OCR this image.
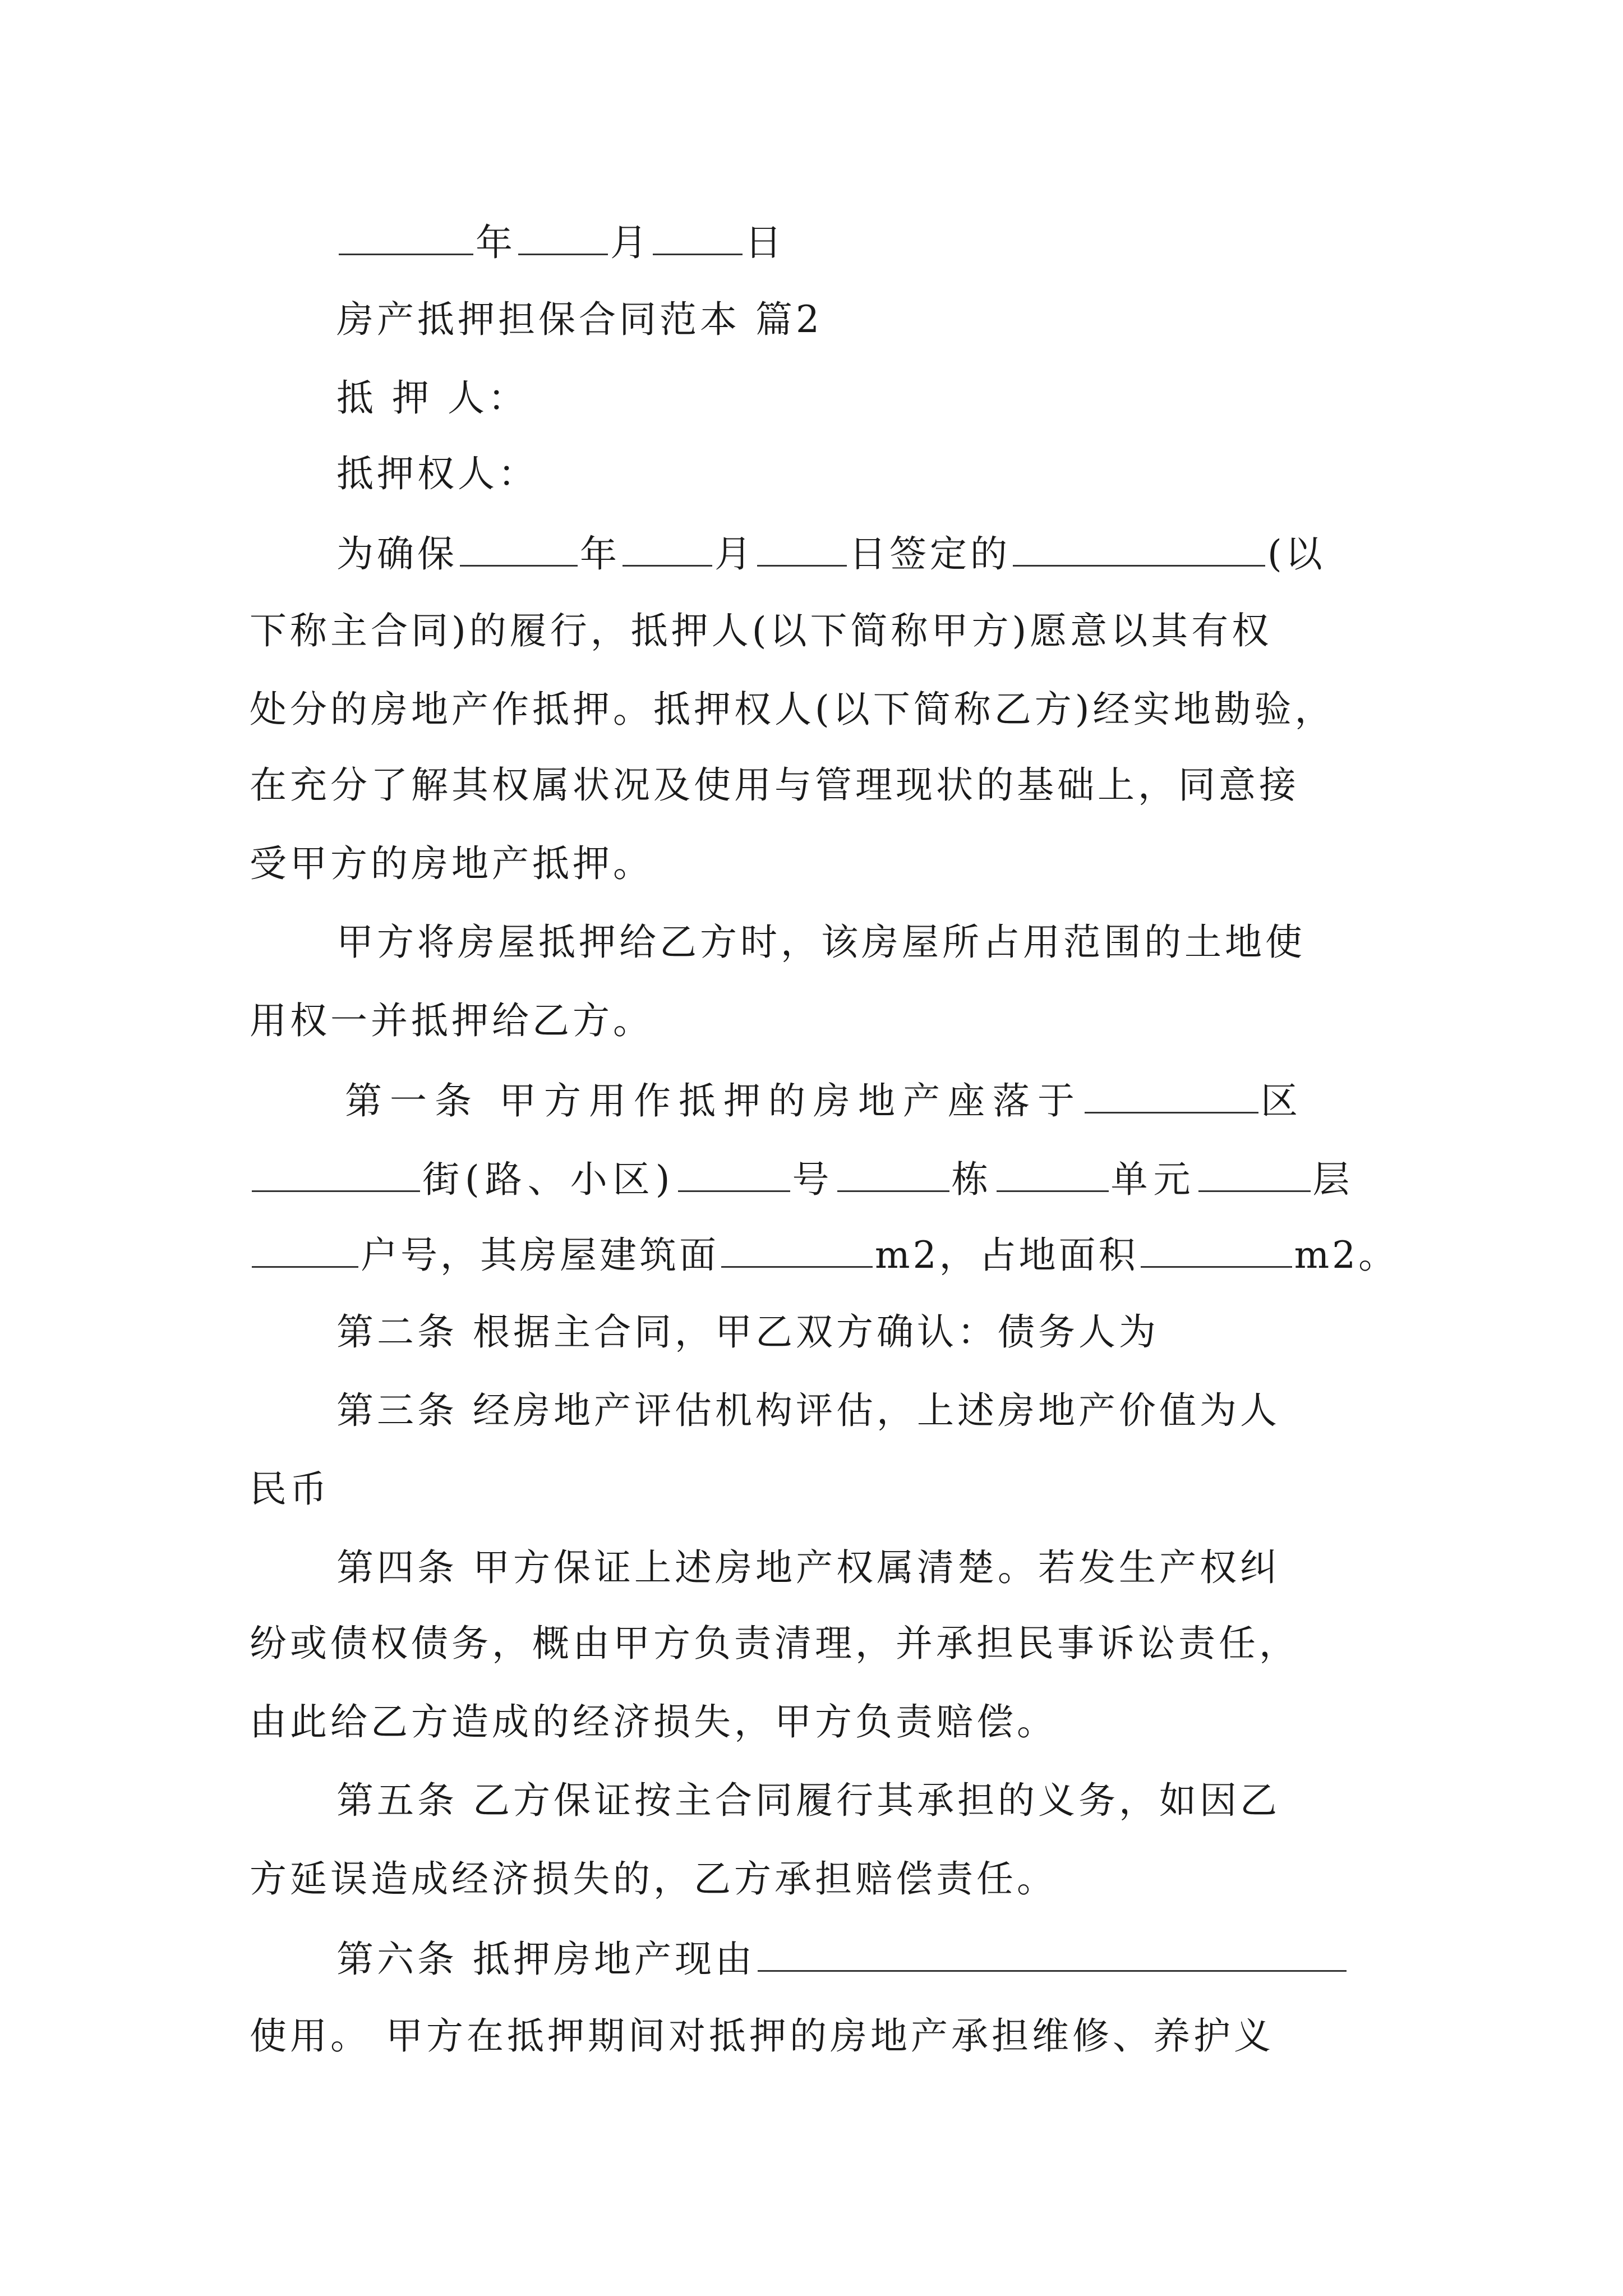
年	月	日
房产抵押担保合同范本 篇2
抵 押 人：
抵押权人：
为确保	年	月	日签定的	(以
下称主合同)的履行，抵押人(以下简称甲方)愿意以其有权
处分的房地产作抵押。抵押权人(以下简称乙方)经实地勘验，
在充分了解其权属状况及使用与管理现状的基础上，同意接
受甲方的房地产抵押。
甲方将房屋抵押给乙方时，该房屋所占用范围的土地使
用权一并抵押给乙方。
第一条 甲方用作抵押的房地产座落于	区
街(路、小区)	号	栋	单元	层
户号，其房屋建筑面	m2，占地面积	m2。
第二条 根据主合同，甲乙双方确认：债务人为
第三条 经房地产评估机构评估，上述房地产价值为人
民币
第四条 甲方保证上述房地产权属清楚。若发生产权纠
纷或债权债务，概由甲方负责清理，并承担民事诉讼责任，
由此给乙方造成的经济损失，甲方负责赔偿。
第五条 乙方保证按主合同履行其承担的义务，如因乙
方延误造成经济损失的，乙方承担赔偿责任。
第六条 抵押房地产现由
使用。 甲方在抵押期间对抵押的房地产承担维修、养护义
